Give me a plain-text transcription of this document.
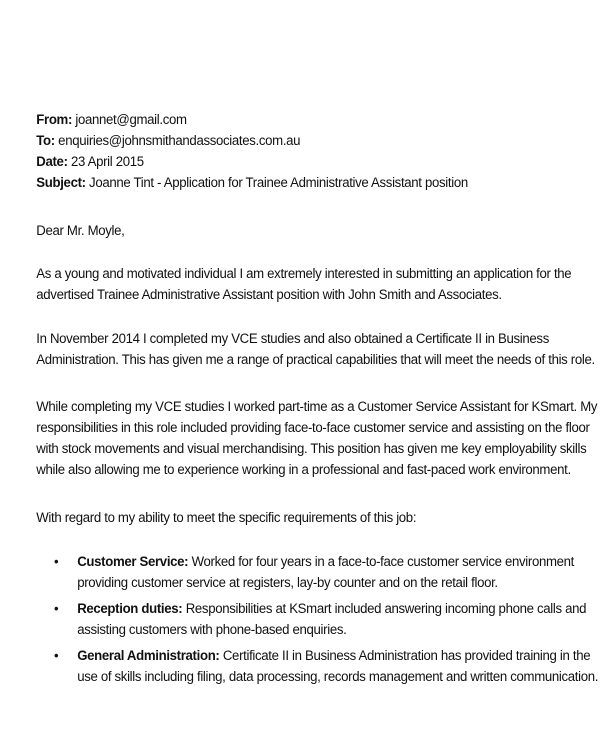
From: joannet@gmail.com
To: enquiries@johnsmithandassociates.com.au
Date: 23 April 2015
Subject: Joanne Tint - Application for Trainee Administrative Assistant position
Dear Mr. Moyle,
As a young and motivated individual I am extremely interested in submitting an application for the
advertised Trainee Administrative Assistant position with John Smith and Associates.
In November 2014 I completed my VCE studies and also obtained a Certificate II in Business
Administration. This has given me a range of practical capabilities that will meet the needs of this role.
While completing my VCE studies I worked part-time as a Customer Service Assistant for KSmart. My
responsibilities in this role included providing face-to-face customer service and assisting on the floor
with stock movements and visual merchandising. This position has given me key employability skills
while also allowing me to experience working in a professional and fast-paced work environment.
With regard to my ability to meet the specific requirements of this job:
• Customer Service: Worked for four years in a face-to-face customer service environment
providing customer service at registers, lay-by counter and on the retail floor.
• Reception duties: Responsibilities at KSmart included answering incoming phone calls and
assisting customers with phone-based enquiries.
• General Administration: Certificate II in Business Administration has provided training in the
use of skills including filing, data processing, records management and written communication.
